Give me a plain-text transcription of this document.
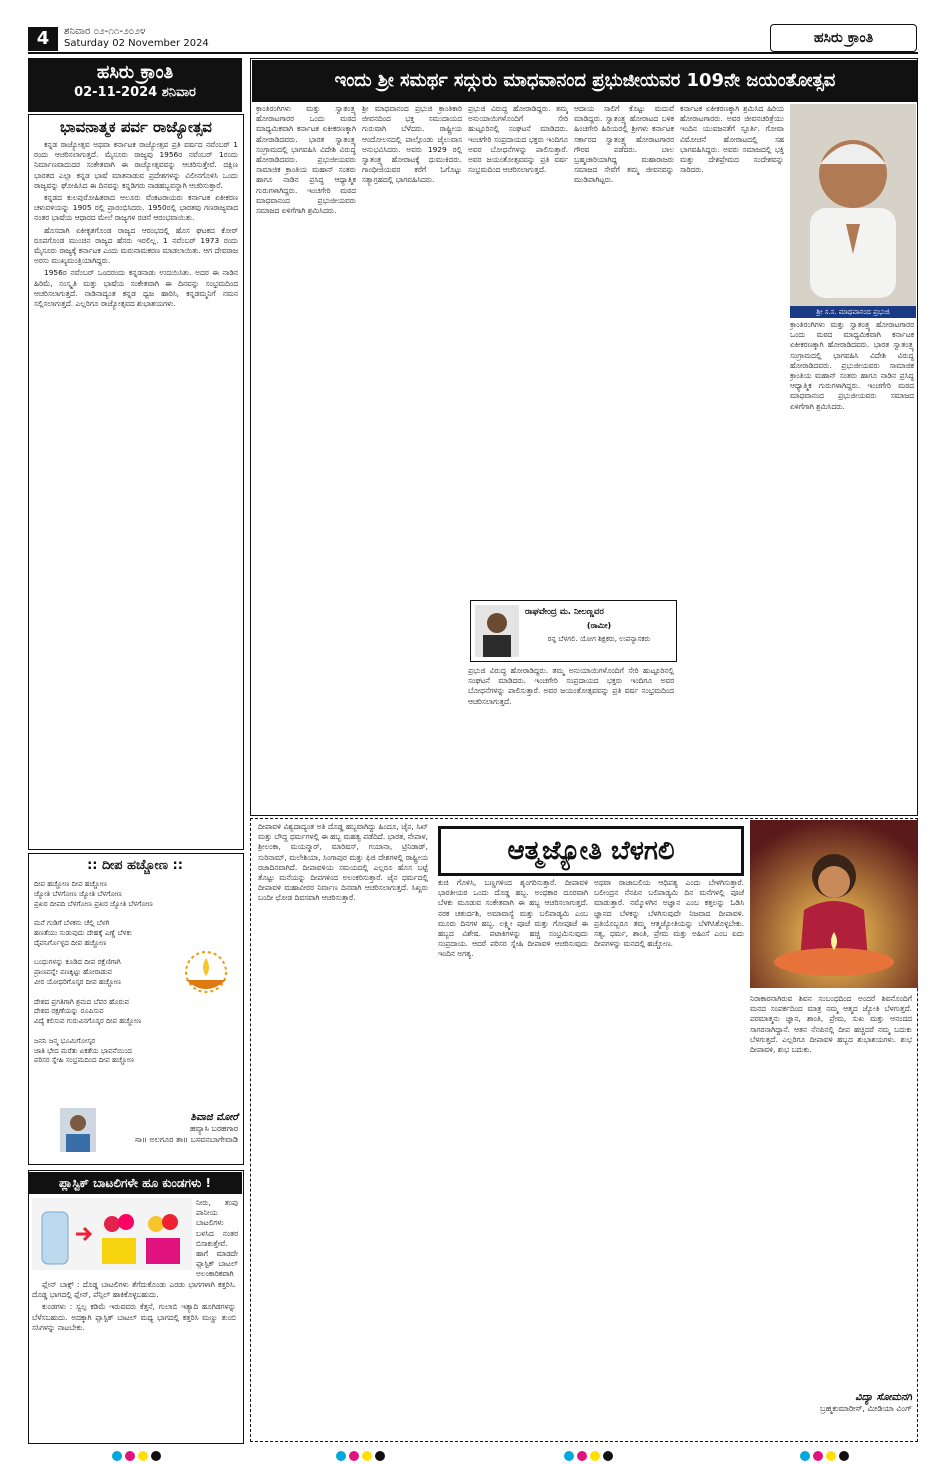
4	ಶನಿವಾರ ೦೨-೧೧-೨೦೨೪
Saturday 02 November 2024	ಹಸಿರು ಕ್ರಾಂತಿ
ಹಸಿರು ಕ್ರಾಂತಿ
02-11-2024 ಶನಿವಾರ
ಭಾವನಾತ್ಮಕ ಪರ್ವ ರಾಜ್ಯೋತ್ಸವ

ಕನ್ನಡ ರಾಜ್ಯೋತ್ಸವ ಅಥವಾ ಕರ್ನಾಟಕ ರಾಜ್ಯೋತ್ಸವ ಪ್ರತಿ ವರ್ಷದ ನವೆಂಬರ್ 1 ರಂದು ಆಚರಿಸಲಾಗುತ್ತದೆ. ಮೈಸೂರು ರಾಜ್ಯವು 1956ರ ನವೆಂಬರ್ 1ರಂದು ನಿರ್ಮಾಣವಾದುದರ ಸಂಕೇತವಾಗಿ ಈ ರಾಜ್ಯೋತ್ಸವವನ್ನು ಆಚರಿಸುತ್ತೇವೆ. ದಕ್ಷಿಣ ಭಾರತದ ಎಲ್ಲಾ ಕನ್ನಡ ಭಾಷೆ ಮಾತನಾಡುವ ಪ್ರದೇಶಗಳನ್ನು ವಿಲೀನಗೊಳಿಸಿ ಒಂದು ರಾಜ್ಯವನ್ನು ಘೋಷಿಸಿದ ಈ ದಿನವನ್ನು ಕನ್ನಡಿಗರು ನಾಡಹಬ್ಬವನ್ನಾಗಿ ಆಚರಿಸುತ್ತಾರೆ.

ಕನ್ನಡದ ಕುಲಪುರೋಹಿತರಾದ ಆಲೂರು ವೆಂಕಟರಾಯರು ಕರ್ನಾಟಕ ಏಕೀಕರಣ ಚಳುವಳಿಯನ್ನು 1905 ರಲ್ಲಿ ಪ್ರಾರಂಭಿಸಿದರು. 1950ರಲ್ಲಿ ಭಾರತವು ಗಣರಾಜ್ಯವಾದ ನಂತರ ಭಾಷೆಯ ಆಧಾರದ ಮೇಲೆ ರಾಜ್ಯಗಳ ರಚನೆ ಆರಂಭವಾಯಿತು.

ಹೊಸದಾಗಿ ಏಕೀಕೃತಗೊಂಡ ರಾಜ್ಯದ ಆರಂಭದಲ್ಲಿ ಹೊಸ ಘಟಕದ ಕೋರ್ ರೂಪಗೊಂಡ ಮುಂಚಿನ ರಾಜ್ಯದ ಹೆಸರು ಇರಲಿಲ್ಲ. 1 ನವೆಂಬರ್ 1973 ರಂದು ಮೈಸೂರು ರಾಜ್ಯಕ್ಕೆ ಕರ್ನಾಟಕ ಎಂದು ಮರುನಾಮಕರಣ ಮಾಡಲಾಯಿತು. ಆಗ ದೇವರಾಜ ಅರಸು ಮುಖ್ಯಮಂತ್ರಿಯಾಗಿದ್ದರು.

1956ರ ನವೆಂಬರ್ ಒಂದರಂದು ಕನ್ನಡನಾಡು ಉದಯಿಸಿತು. ಅದರ ಈ ನಾಡಿನ ಹಿರಿಮೆ, ಸಂಸ್ಕೃತಿ ಮತ್ತು ಭಾಷೆಯ ಸಂಕೇತವಾಗಿ ಈ ದಿನವನ್ನು ಸಂಭ್ರಮದಿಂದ ಆಚರಿಸಲಾಗುತ್ತದೆ. ನಾಡಿನಾದ್ಯಂತ ಕನ್ನಡ ಧ್ವಜ ಹಾರಿಸಿ, ಕನ್ನಡಮ್ಮನಿಗೆ ನಮನ ಸಲ್ಲಿಸಲಾಗುತ್ತದೆ. ಎಲ್ಲರಿಗೂ ರಾಜ್ಯೋತ್ಸವದ ಶುಭಾಶಯಗಳು.

:: ದೀಪ ಹಚ್ಚೋಣ ::
ದೀಪ ಹಚ್ಚೋಣ ದೀಪ ಹಚ್ಚೋಣ
ಜ್ಯೋತಿ ಬೆಳಗೋಣ ಜ್ಯೋತಿ ಬೆಳಗೋಣ
ಪ್ರಖರ ದೀಪದಿ ಬೆಳಗೋಣ ಪ್ರಖರ ಜ್ಯೋತಿ ಬೆಳಗೋಣ

ಮನೆ ಗುಡಿಗೆ ಬೆಳಕನು ಚೆಲ್ಲಿ ಬೆಳಗಿ
ಹಣತೆಯು ಸುಡುವುದು ದೇಹಕ್ಕೆ ಎಣ್ಣೆ ಬೆಳಕು
ದೈವನಿರ್ಗೊಳ್ಳದ ದೀಪ ಹಚ್ಚೋಣ

ಬಂಧುಗಳನ್ನು ಕೂಡಿದ ದೀಪ ರಕ್ಷೆಣಿಗಾಗಿ
ಪ್ರಾಣವನ್ನೇ ಪಣಕ್ಕಿಟ್ಟು ಹೋರಾಡುವ
ವೀರ ಯೋಧರಿಗೊಸ್ಕರ ದೀಪ ಹಚ್ಚೋಣ

ದೇಶದ ಪ್ರಗತಿಗಾಗಿ ಶ್ರಮದ ಬೆವರ ಹೊರುವ
ದೇಶದ ರಕ್ಷಣೆಯನ್ನು ರೂಪಿಸುವ
ವಿದ್ಯೆ ಕಲಿಸುವ ಗುರುವಿನಗೊಸ್ಕರ ದೀಪ ಹಚ್ಚೋಣ

ಜನನಿ ಜನ್ಮ ಭೂಮಿಗೋಸ್ಕರ
ಜಾತಿ ಭೇದ ಮರೆತು ಏಕತೆಯ ಭಾವನೆಯಿಂದ
ಪರಿಸರ ಸ್ನೇಹಿ ಸಂಭ್ರಮದಿಂದ ದೀಪ ಹಚ್ಚೋಣ
ಶಿವಾಜಿ ಮೋರೆ
ಹವ್ಯಾಸಿ ಬರಹಗಾರ
ಸಾ॥ ಅಲಗೂರ ತಾ॥ ಬಸವನಬಾಗೇವಾಡಿ
ಪ್ಲಾಸ್ಟಿಕ್ ಬಾಟಲಿಗಳೇ ಹೂ ಕುಂಡಗಳು !
ನೀರು, ತಂಪು ಪಾನೀಯ ಬಾಟಲಿಗಳು ಬಳಸಿದ ನಂತರ ಬಿಸಾಕುತ್ತೇವೆ. ಹಾಗೆ ಮಾಡದೇ ಪ್ಲಾಸ್ಟಿಕ್ ಬಾಟಲ್ ಅಲಂಕಾರಿಕವಾಗಿ

ಪ್ಲೇನ್ ಬಾಕ್ಸ್ : ದೊಡ್ಡ ಬಾಟಲಿಗಳು ತೆಗೆದುಕೊಂಡು ಎರಡು ಭಾಗಗಳಾಗಿ ಕತ್ತರಿಸಿ. ದೊಡ್ಡ ಭಾಗದಲ್ಲಿ ಪ್ಲೇನ್, ಪೆನ್ಸಿಲ್ ಹಾಕಿಕೊಳ್ಳಬಹುದು.

ಕುಂಡಗಳು : ಸ್ವಲ್ಪ ಕಡಿಮೆ ಇರುವವರು ಕೆತ್ತನೆ, ಗುಲಾಬಿ ಇತ್ಯಾದಿ ಹೂಗಿಡಗಳನ್ನು ಬೆಳೆಸಬಹುದು. ಅದಕ್ಕಾಗಿ ಪ್ಲಾಸ್ಟಿಕ್ ಬಾಟಲ್ ಮಧ್ಯ ಭಾಗದಲ್ಲಿ ಕತ್ತರಿಸಿ ಮಣ್ಣು ತುಂಬಿ ಸಸಿಗಳನ್ನು ನಾಟಬೇಕು.

ಇಂದು ಶ್ರೀ ಸಮರ್ಥ ಸದ್ಗುರು ಮಾಧವಾನಂದ ಪ್ರಭುಜೀಯವರ 109ನೇ ಜಯಂತೋತ್ಸವ
ಕ್ರಾಂತಿರಂಗಿಗಳು ಮತ್ತು ಸ್ವಾತಂತ್ರ್ಯ ಹೋರಾಟಗಾರರ ಒಂದು ಮಠದ ಮಾಧ್ಯಮಿಕವಾಗಿ ಕರ್ನಾಟಕ ಏಕೀಕರಣಕ್ಕಾಗಿ ಹೋರಾಡಿದವರು. ಭಾರತ ಸ್ವಾತಂತ್ರ್ಯ ಸಂಗ್ರಾಮದಲ್ಲಿ ಭಾಗವಹಿಸಿ ವಿದೇಶಿ ವಿರುದ್ಧ ಹೋರಾಡಿದವರು. ಪ್ರಭುಜೀಯವರು ಸಾಮಾಜಿಕ ಕ್ರಾಂತಿಯ ಮಹಾನ್ ಸಂತರು ಹಾಗೂ ನಾಡಿನ ಪ್ರಸಿದ್ಧ ಆಧ್ಯಾತ್ಮಿಕ ಗುರುಗಳಾಗಿದ್ದರು. ಇಂಚಗೇರಿ ಮಠದ ಮಾಧವಾನಂದ ಪ್ರಭುಜೀಯವರು ಸಮಾಜದ ಏಳಿಗೆಗಾಗಿ ಶ್ರಮಿಸಿದರು.
ಶ್ರೀ ಮಾಧವಾನಂದ ಪ್ರಭುಜಿ ಕ್ರಾಂತಿಕಾರಿ ಜೀವನದಿಂದ ಭಕ್ತ ಸಮುದಾಯದ ಗುರುವಾಗಿ ಬೆಳೆದರು. ರಾಷ್ಟ್ರೀಯ ಆಂದೋಲನದಲ್ಲಿ ಪಾಲ್ಗೊಂಡು ಜೈಲುವಾಸ ಅನುಭವಿಸಿದರು. ಅವರು 1929 ರಲ್ಲಿ ಸ್ವಾತಂತ್ರ್ಯ ಹೋರಾಟಕ್ಕೆ ಧುಮುಕಿದರು. ಗಾಂಧೀಜಿಯವರ ಕರೆಗೆ ಓಗೊಟ್ಟು ಸತ್ಯಾಗ್ರಹದಲ್ಲಿ ಭಾಗವಹಿಸಿದರು.
ಪ್ರಭುಜಿ ವಿರುದ್ಧ ಹೋರಾಡಿದ್ದರು. ತಮ್ಮ ಅನುಯಾಯಿಗಳೊಂದಿಗೆ ಸೇರಿ ಹುಟ್ಟೂರಿನಲ್ಲಿ ಸಂಘಟನೆ ಮಾಡಿದರು. ಇಂಚಗೇರಿ ಸಂಪ್ರದಾಯದ ಭಕ್ತರು ಇಂದಿಗೂ ಅವರ ಬೋಧನೆಗಳನ್ನು ಪಾಲಿಸುತ್ತಾರೆ. ಅವರ ಜಯಂತೋತ್ಸವವನ್ನು ಪ್ರತಿ ವರ್ಷ ಸಂಭ್ರಮದಿಂದ ಆಚರಿಸಲಾಗುತ್ತದೆ.
ಆದಾಯ ಸಾಲಿಗೆ ಕೊಟ್ಟು ಮದುವೆ ಮಾಡಿದ್ದರು. ಸ್ವಾತಂತ್ರ್ಯ ಹೋರಾಟದ ಬಳಿಕ ಹಿಂಚಗೇರಿ ಹಿರಿಯರಲ್ಲಿ ಶ್ರೀಗಳು ಕರ್ನಾಟಕ ಸರ್ಕಾರದ ಸ್ವಾತಂತ್ರ್ಯ ಹೋರಾಟಗಾರರ ಗೌರವ ಪಡೆದರು. ಬಾಲ ಬ್ರಹ್ಮಚಾರಿಯಾಗಿದ್ದ ಮಹಾರಾಜರು ಸಮಾಜದ ಸೇವೆಗೆ ತಮ್ಮ ಜೀವನವನ್ನು ಮುಡಿಪಾಗಿಟ್ಟರು.
ಕರ್ನಾಟಕ ಏಕೀಕರಣಕ್ಕಾಗಿ ಶ್ರಮಿಸಿದ ಹಿರಿಯ ಹೋರಾಟಗಾರರು. ಅವರ ಜೀವನಚರಿತ್ರೆಯು ಇಂದಿನ ಯುವಜನತೆಗೆ ಸ್ಫೂರ್ತಿ. ಗೋವಾ ವಿಮೋಚನೆ ಹೋರಾಟದಲ್ಲಿ ಸಹ ಭಾಗವಹಿಸಿದ್ದರು. ಅವರು ಸಮಾಜದಲ್ಲಿ ಭಕ್ತಿ ಮತ್ತು ದೇಶಪ್ರೇಮದ ಸಂದೇಶವನ್ನು ಸಾರಿದರು.
ಕ್ರಾಂತಿರಂಗಿಗಳು ಮತ್ತು ಸ್ವಾತಂತ್ರ್ಯ ಹೋರಾಟಗಾರರ ಒಂದು ಮಠದ ಮಾಧ್ಯಮಿಕವಾಗಿ ಕರ್ನಾಟಕ ಏಕೀಕರಣಕ್ಕಾಗಿ ಹೋರಾಡಿದವರು. ಭಾರತ ಸ್ವಾತಂತ್ರ್ಯ ಸಂಗ್ರಾಮದಲ್ಲಿ ಭಾಗವಹಿಸಿ ವಿದೇಶಿ ವಿರುದ್ಧ ಹೋರಾಡಿದವರು. ಪ್ರಭುಜೀಯವರು ಸಾಮಾಜಿಕ ಕ್ರಾಂತಿಯ ಮಹಾನ್ ಸಂತರು ಹಾಗೂ ನಾಡಿನ ಪ್ರಸಿದ್ಧ ಆಧ್ಯಾತ್ಮಿಕ ಗುರುಗಳಾಗಿದ್ದರು. ಇಂಚಗೇರಿ ಮಠದ ಮಾಧವಾನಂದ ಪ್ರಭುಜೀಯವರು ಸಮಾಜದ ಏಳಿಗೆಗಾಗಿ ಶ್ರಮಿಸಿದರು.
ಪ್ರಭುಜಿ ವಿರುದ್ಧ ಹೋರಾಡಿದ್ದರು. ತಮ್ಮ ಅನುಯಾಯಿಗಳೊಂದಿಗೆ ಸೇರಿ ಹುಟ್ಟೂರಿನಲ್ಲಿ ಸಂಘಟನೆ ಮಾಡಿದರು. ಇಂಚಗೇರಿ ಸಂಪ್ರದಾಯದ ಭಕ್ತರು ಇಂದಿಗೂ ಅವರ ಬೋಧನೆಗಳನ್ನು ಪಾಲಿಸುತ್ತಾರೆ. ಅವರ ಜಯಂತೋತ್ಸವವನ್ನು ಪ್ರತಿ ವರ್ಷ ಸಂಭ್ರಮದಿಂದ ಆಚರಿಸಲಾಗುತ್ತದೆ.
ಶ್ರೀ ಸ.ಸ. ಮಾಧವಾನಂದ ಪ್ರಭುಜಿ
ರಾಘವೇಂದ್ರ ಮ. ನೀಲಣ್ಣವರ
(ರಾಮೀ)
ರನ್ನ ಬೆಳಗಲಿ. ಯೋಗ ಶಿಕ್ಷಕರು, ಉಪನ್ಯಾಸಕರು
ದೀಪಾವಳಿ ವಿಶ್ವದಾದ್ಯಂತ ಅತಿ ದೊಡ್ಡ ಹಬ್ಬವಾಗಿದ್ದು ಹಿಂದೂ, ಜೈನ, ಸಿಖ್ ಮತ್ತು ಬೌದ್ಧ ಧರ್ಮಗಳಲ್ಲಿ ಈ ಹಬ್ಬ ಮಹತ್ವ ಪಡೆದಿದೆ. ಭಾರತ, ನೇಪಾಳ, ಶ್ರೀಲಂಕಾ, ಮಯನ್ಮಾರ್, ಮಾರಿಷಸ್, ಗಯಾನಾ, ಟ್ರಿನಿಡಾಡ್, ಸುರಿನಾಮ್, ಮಲೇಶಿಯಾ, ಸಿಂಗಾಪುರ ಮತ್ತು ಫಿಜಿ ದೇಶಗಳಲ್ಲಿ ರಾಷ್ಟ್ರೀಯ ರಜಾದಿನವಾಗಿದೆ. ದೀಪಾವಳಿಯ ಸಮಯದಲ್ಲಿ ಎಲ್ಲರೂ ಹೊಸ ಬಟ್ಟೆ ತೊಟ್ಟು ಮನೆಯನ್ನು ದೀಪಗಳಿಂದ ಅಲಂಕರಿಸುತ್ತಾರೆ. ಜೈನ ಧರ್ಮದಲ್ಲಿ ದೀಪಾವಳಿ ಮಹಾವೀರರ ನಿರ್ವಾಣ ದಿನವಾಗಿ ಆಚರಿಸಲಾಗುತ್ತದೆ. ಸಿಖ್ಖರು ಬಂದೀ ಛೋಡ ದಿವಸವಾಗಿ ಆಚರಿಸುತ್ತಾರೆ.
ಆತ್ಮಜ್ಯೋತಿ ಬೆಳಗಲಿ
ಕುಚಿ ಗೊಳಿಸಿ, ಬಣ್ಣಗಳಿಂದ ಶೃಂಗರಿಸುತ್ತಾರೆ. ದೀಪಾವಳಿ ಭಾರತೀಯರ ಒಂದು ದೊಡ್ಡ ಹಬ್ಬ. ಅಂಧಕಾರ ದೂರವಾಗಿ ಬೆಳಕು ಮೂಡುವ ಸಂಕೇತವಾಗಿ ಈ ಹಬ್ಬ ಆಚರಿಸಲಾಗುತ್ತದೆ. ನರಕ ಚತುರ್ದಶಿ, ಅಮಾವಾಸ್ಯೆ ಮತ್ತು ಬಲಿಪಾಡ್ಯಮಿ ಎಂಬ ಮೂರು ದಿನಗಳ ಹಬ್ಬ. ಲಕ್ಷ್ಮೀ ಪೂಜೆ ಮತ್ತು ಗೋಪೂಜೆ ಈ ಹಬ್ಬದ ವಿಶೇಷ. ಪಟಾಕಿಗಳನ್ನು ಹಚ್ಚಿ ಸಂಭ್ರಮಿಸುವುದು ಸಂಪ್ರದಾಯ. ಆದರೆ ಪರಿಸರ ಸ್ನೇಹಿ ದೀಪಾವಳಿ ಆಚರಿಸುವುದು ಇಂದಿನ ಅಗತ್ಯ.
ಅಥವಾ ರಾಜಾಬಲಿಯ ಆಧಿಪತ್ಯ ಎಂದು ಬೇಳಗಿಸುತ್ತಾರೆ. ಬಲೀಂದ್ರನ ನೆನಪಿನ ಬಲಿಪಾಡ್ಯಮಿ ದಿನ ಮನೆಗಳಲ್ಲಿ ಪೂಜೆ ಮಾಡುತ್ತಾರೆ. ನಮ್ಮೊಳಗಿನ ಅಜ್ಞಾನ ಎಂಬ ಕತ್ತಲನ್ನು ಓಡಿಸಿ ಜ್ಞಾನದ ಬೆಳಕನ್ನು ಬೆಳಗಿಸುವುದೇ ನಿಜವಾದ ದೀಪಾವಳಿ. ಪ್ರತಿಯೊಬ್ಬರೂ ತಮ್ಮ ಆತ್ಮಜ್ಯೋತಿಯನ್ನು ಬೆಳಗಿಸಿಕೊಳ್ಳಬೇಕು. ಸತ್ಯ, ಧರ್ಮ, ಶಾಂತಿ, ಪ್ರೇಮ ಮತ್ತು ಅಹಿಂಸೆ ಎಂಬ ಐದು ದೀಪಗಳನ್ನು ಮನದಲ್ಲಿ ಹಚ್ಚೋಣ.
ನಿರಾಕಾರನಾಗಿರುವ ಶಿವನ ಸಂಬಂಧದಿಂದ ಅಂದರೆ ಶಿವನೊಂದಿಗೆ ಮನದ ಸಂಪರ್ಕದಿಂದ ಮಾತ್ರ ನಮ್ಮ ಆತ್ಮದ ಜ್ಯೋತಿ ಬೆಳಗುತ್ತದೆ. ಪರಮಾತ್ಮನು ಜ್ಞಾನ, ಶಾಂತಿ, ಪ್ರೇಮ, ಸುಖ ಮತ್ತು ಆನಂದದ ಸಾಗರನಾಗಿದ್ದಾನೆ. ಆತನ ನೆನಪಿನಲ್ಲಿ ದೀಪ ಹಚ್ಚಿದರೆ ನಮ್ಮ ಬದುಕು ಬೆಳಗುತ್ತದೆ. ಎಲ್ಲರಿಗೂ ದೀಪಾವಳಿ ಹಬ್ಬದ ಶುಭಾಶಯಗಳು. ಶುಭ ದೀಪಾವಳಿ, ಶುಭ ಬದುಕು.
ವಿದ್ಯಾ ಸೋಮನಗಿ
ಬ್ರಹ್ಮಕುಮಾರೀಸ್, ಮೀಡಿಯಾ ವಿಂಗ್
